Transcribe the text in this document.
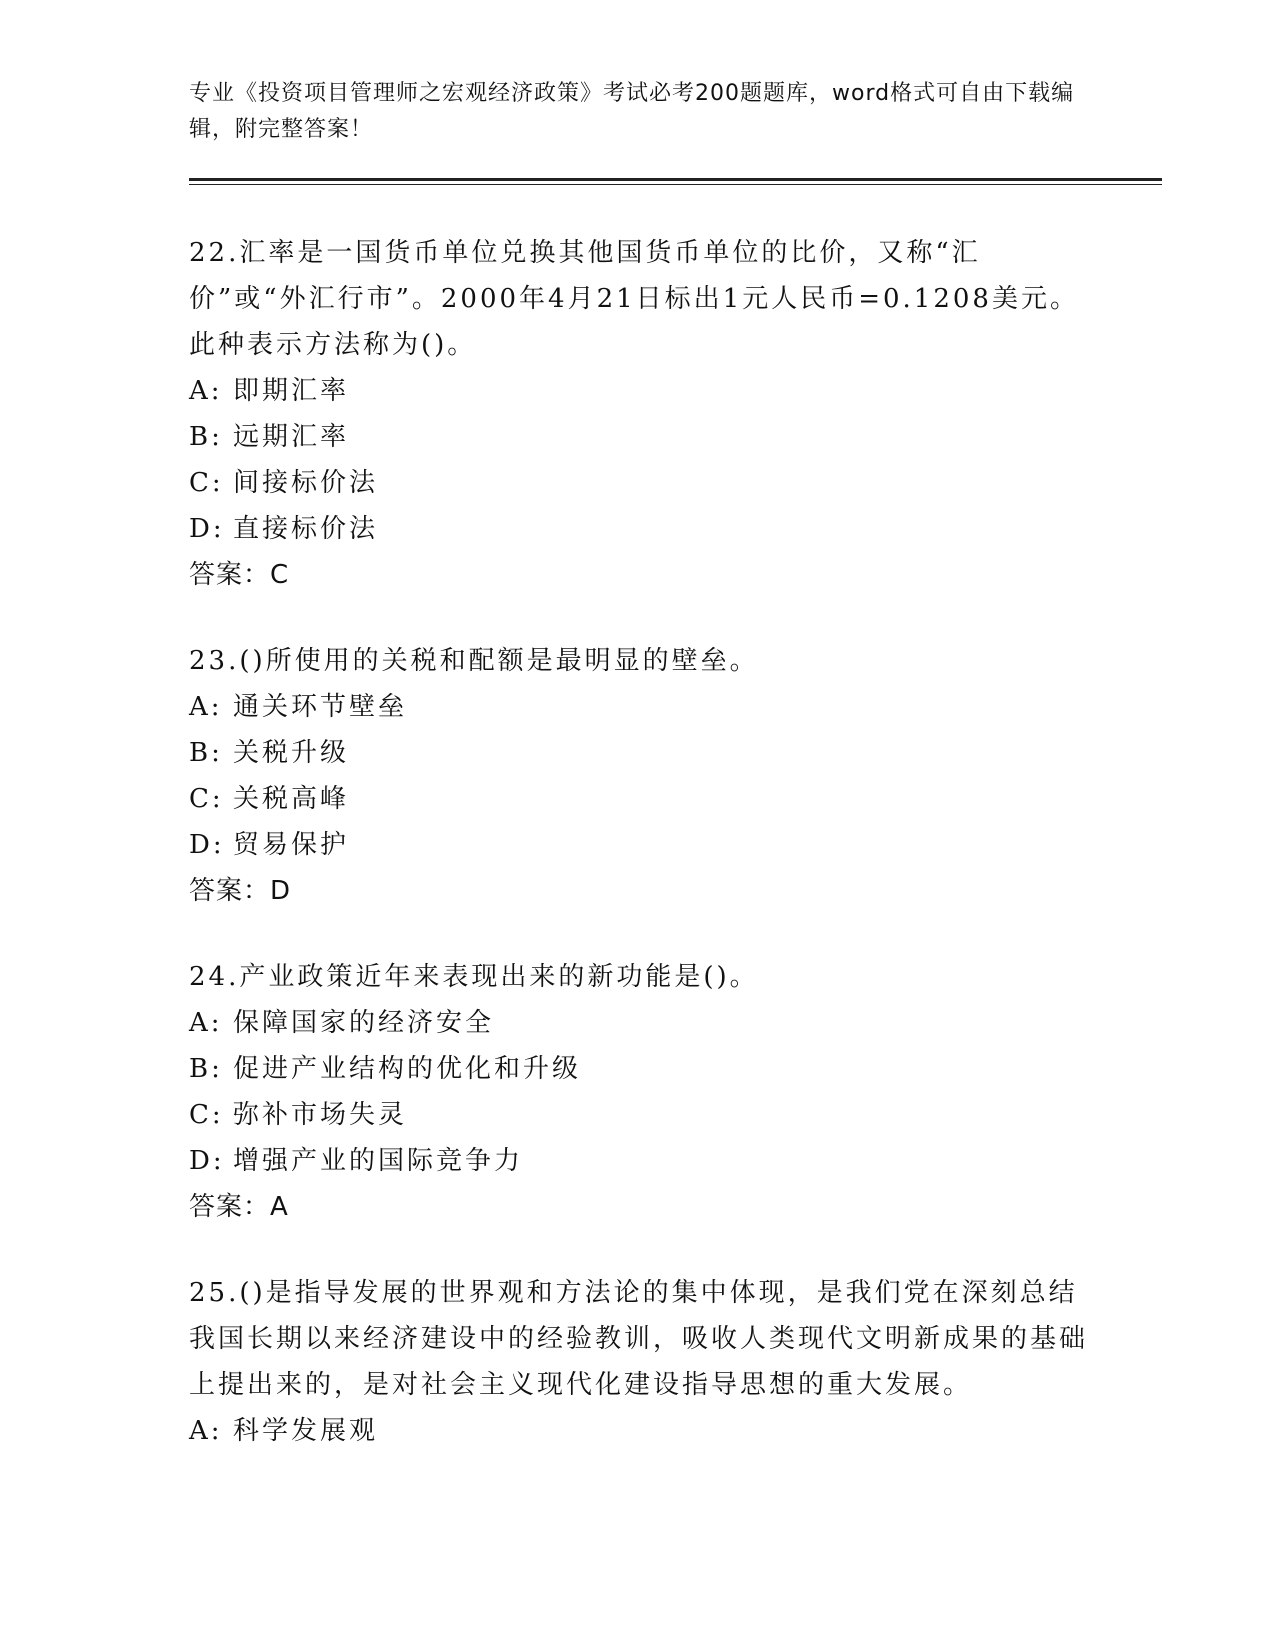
专业《投资项目管理师之宏观经济政策》考试必考200题题库，word格式可自由下载编辑，附完整答案！

22.汇率是一国货币单位兑换其他国货币单位的比价，又称“汇价”或“外汇行市”。2000年4月21日标出1元人民币=0.1208美元。此种表示方法称为()。

A: 即期汇率

B: 远期汇率

C: 间接标价法

D: 直接标价法

答案：C

23.()所使用的关税和配额是最明显的壁垒。

A: 通关环节壁垒

B: 关税升级

C: 关税高峰

D: 贸易保护

答案：D

24.产业政策近年来表现出来的新功能是()。

A: 保障国家的经济安全

B: 促进产业结构的优化和升级

C: 弥补市场失灵

D: 增强产业的国际竞争力

答案：A

25.()是指导发展的世界观和方法论的集中体现，是我们党在深刻总结我国长期以来经济建设中的经验教训，吸收人类现代文明新成果的基础上提出来的，是对社会主义现代化建设指导思想的重大发展。

A: 科学发展观
